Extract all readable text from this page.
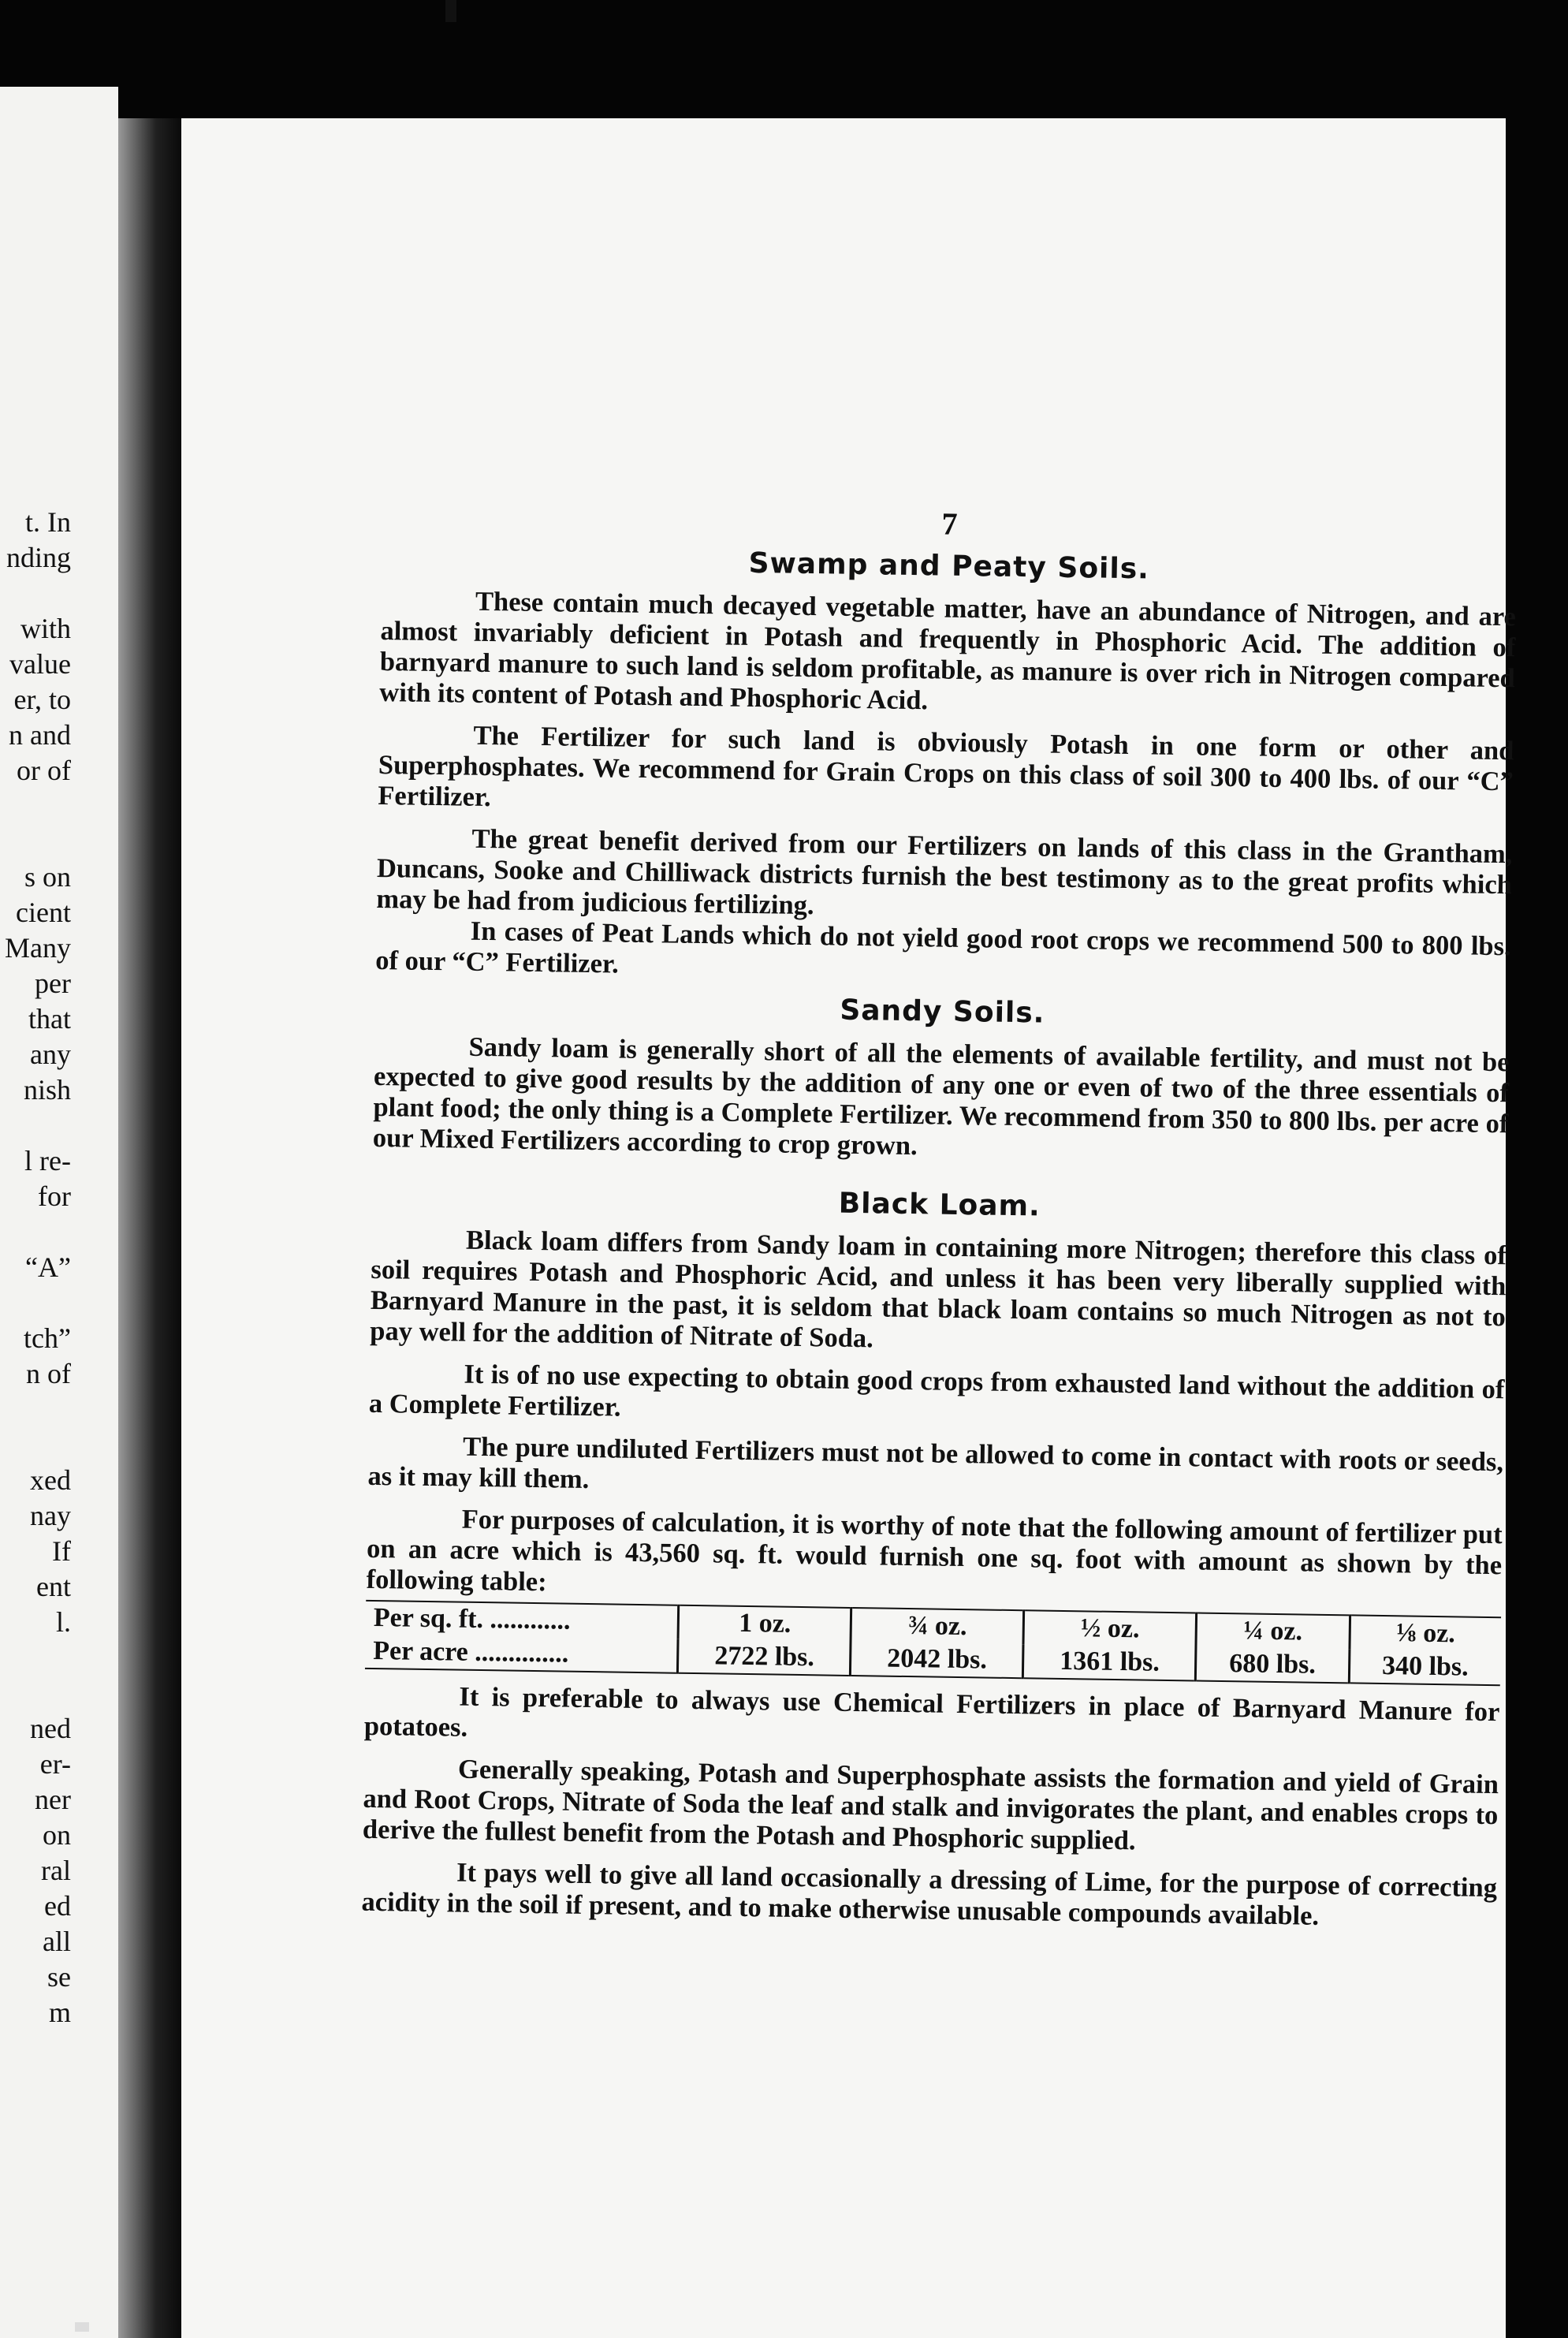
t. In
nding
with
value
er, to
n and
or of
s on
cient
Many
per
that
any
nish
l re-
for
“A”
tch”
n of
xed
nay
If
ent
l.
ned
er-
ner
on
ral
ed
all
se
m
7
Swamp and Peaty Soils.

These contain much decayed vegetable matter, have an abundance of Nitrogen, and are almost invariably deficient in Potash and frequently in Phosphoric Acid. The addition of barnyard manure to such land is seldom profitable, as manure is over rich in Nitrogen compared with its content of Potash and Phosphoric Acid.

The Fertilizer for such land is obviously Potash in one form or other and Superphosphates. We recommend for Grain Crops on this class of soil 300 to 400 lbs. of our “C” Fertilizer.

The great benefit derived from our Fertilizers on lands of this class in the Grantham, Duncans, Sooke and Chilliwack districts furnish the best testimony as to the great profits which may be had from judicious fertilizing.

In cases of Peat Lands which do not yield good root crops we recommend 500 to 800 lbs. of our “C” Fertilizer.

Sandy Soils.

Sandy loam is generally short of all the elements of available fertility, and must not be expected to give good results by the addition of any one or even of two of the three essentials of plant food; the only thing is a Complete Fertilizer. We recommend from 350 to 800 lbs. per acre of our Mixed Fertilizers according to crop grown.

Black Loam.

Black loam differs from Sandy loam in containing more Nitrogen; therefore this class of soil requires Potash and Phosphoric Acid, and unless it has been very liberally supplied with Barnyard Manure in the past, it is seldom that black loam contains so much Nitrogen as not to pay well for the addition of Nitrate of Soda.

It is of no use expecting to obtain good crops from exhausted land without the addition of a Complete Fertilizer.

The pure undiluted Fertilizers must not be allowed to come in contact with roots or seeds, as it may kill them.

For purposes of calculation, it is worthy of note that the following amount of fertilizer put on an acre which is 43,560 sq. ft. would furnish one sq. foot with amount as shown by the following table:

Per sq. ft. ............	1 oz.	¾ oz.	½ oz.	¼ oz.	⅛ oz.
Per acre ..............	2722 lbs.	2042 lbs.	1361 lbs.	680 lbs.	340 lbs.

It is preferable to always use Chemical Fertilizers in place of Barnyard Manure for potatoes.

Generally speaking, Potash and Superphosphate assists the formation and yield of Grain and Root Crops, Nitrate of Soda the leaf and stalk and invigorates the plant, and enables crops to derive the fullest benefit from the Potash and Phosphoric supplied.

It pays well to give all land occasionally a dressing of Lime, for the purpose of correcting acidity in the soil if present, and to make otherwise unusable compounds available.
